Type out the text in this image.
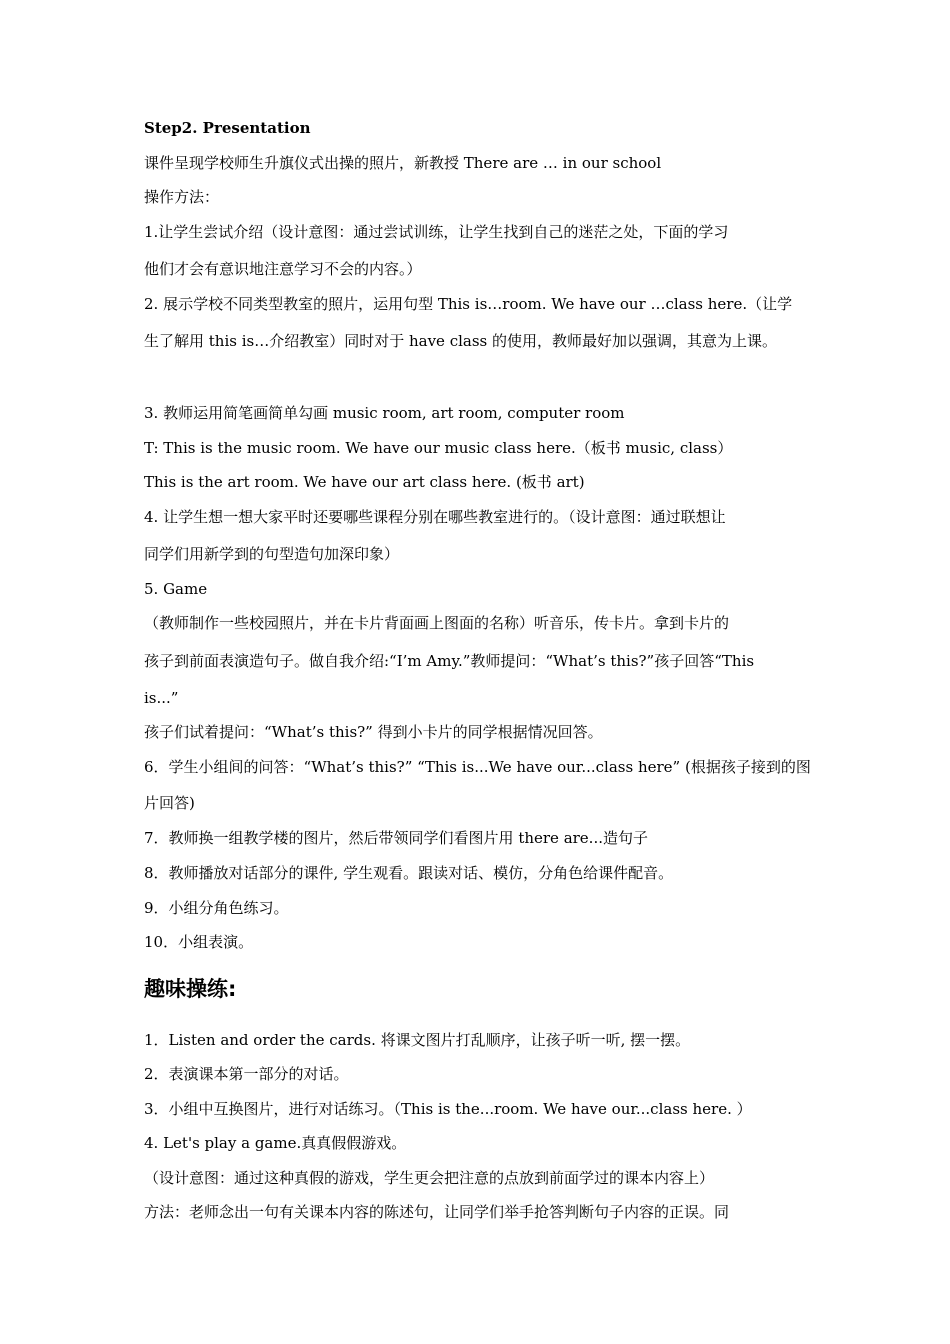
Step2. Presentation
课件呈现学校师生升旗仪式出操的照片，新教授 There are … in our school
操作方法：
1.让学生尝试介绍（设计意图：通过尝试训练，让学生找到自己的迷茫之处，下面的学习
他们才会有意识地注意学习不会的内容。）
2. 展示学校不同类型教室的照片，运用句型 This is…room. We have our …class here.（让学
生了解用 this is…介绍教室）同时对于 have class 的使用，教师最好加以强调，其意为上课。
3. 教师运用简笔画简单勾画 music room, art room, computer room
T: This is the music room. We have our music class here.（板书 music, class）
This is the art room. We have our art class here. (板书 art)
4. 让学生想一想大家平时还要哪些课程分别在哪些教室进行的。（设计意图：通过联想让
同学们用新学到的句型造句加深印象）
5. Game
（教师制作一些校园照片，并在卡片背面画上图面的名称）听音乐，传卡片。拿到卡片的
孩子到前面表演造句子。做自我介绍:“I’m Amy.”教师提问：“What’s this?”孩子回答“This
is...”
孩子们试着提问：“What’s this?” 得到小卡片的同学根据情况回答。
6．学生小组间的问答：“What’s this?” “This is...We have our...class here” (根据孩子接到的图
片回答)
7．教师换一组教学楼的图片，然后带领同学们看图片用 there are...造句子
8．教师播放对话部分的课件, 学生观看。跟读对话、模仿，分角色给课件配音。
9．小组分角色练习。
10．小组表演。
趣味操练:
1．Listen and order the cards. 将课文图片打乱顺序，让孩子听一听, 摆一摆。
2．表演课本第一部分的对话。
3．小组中互换图片，进行对话练习。（This is the...room. We have our...class here. ）
4. Let's play a game.真真假假游戏。
（设计意图：通过这种真假的游戏，学生更会把注意的点放到前面学过的课本内容上）
方法：老师念出一句有关课本内容的陈述句，让同学们举手抢答判断句子内容的正误。同
